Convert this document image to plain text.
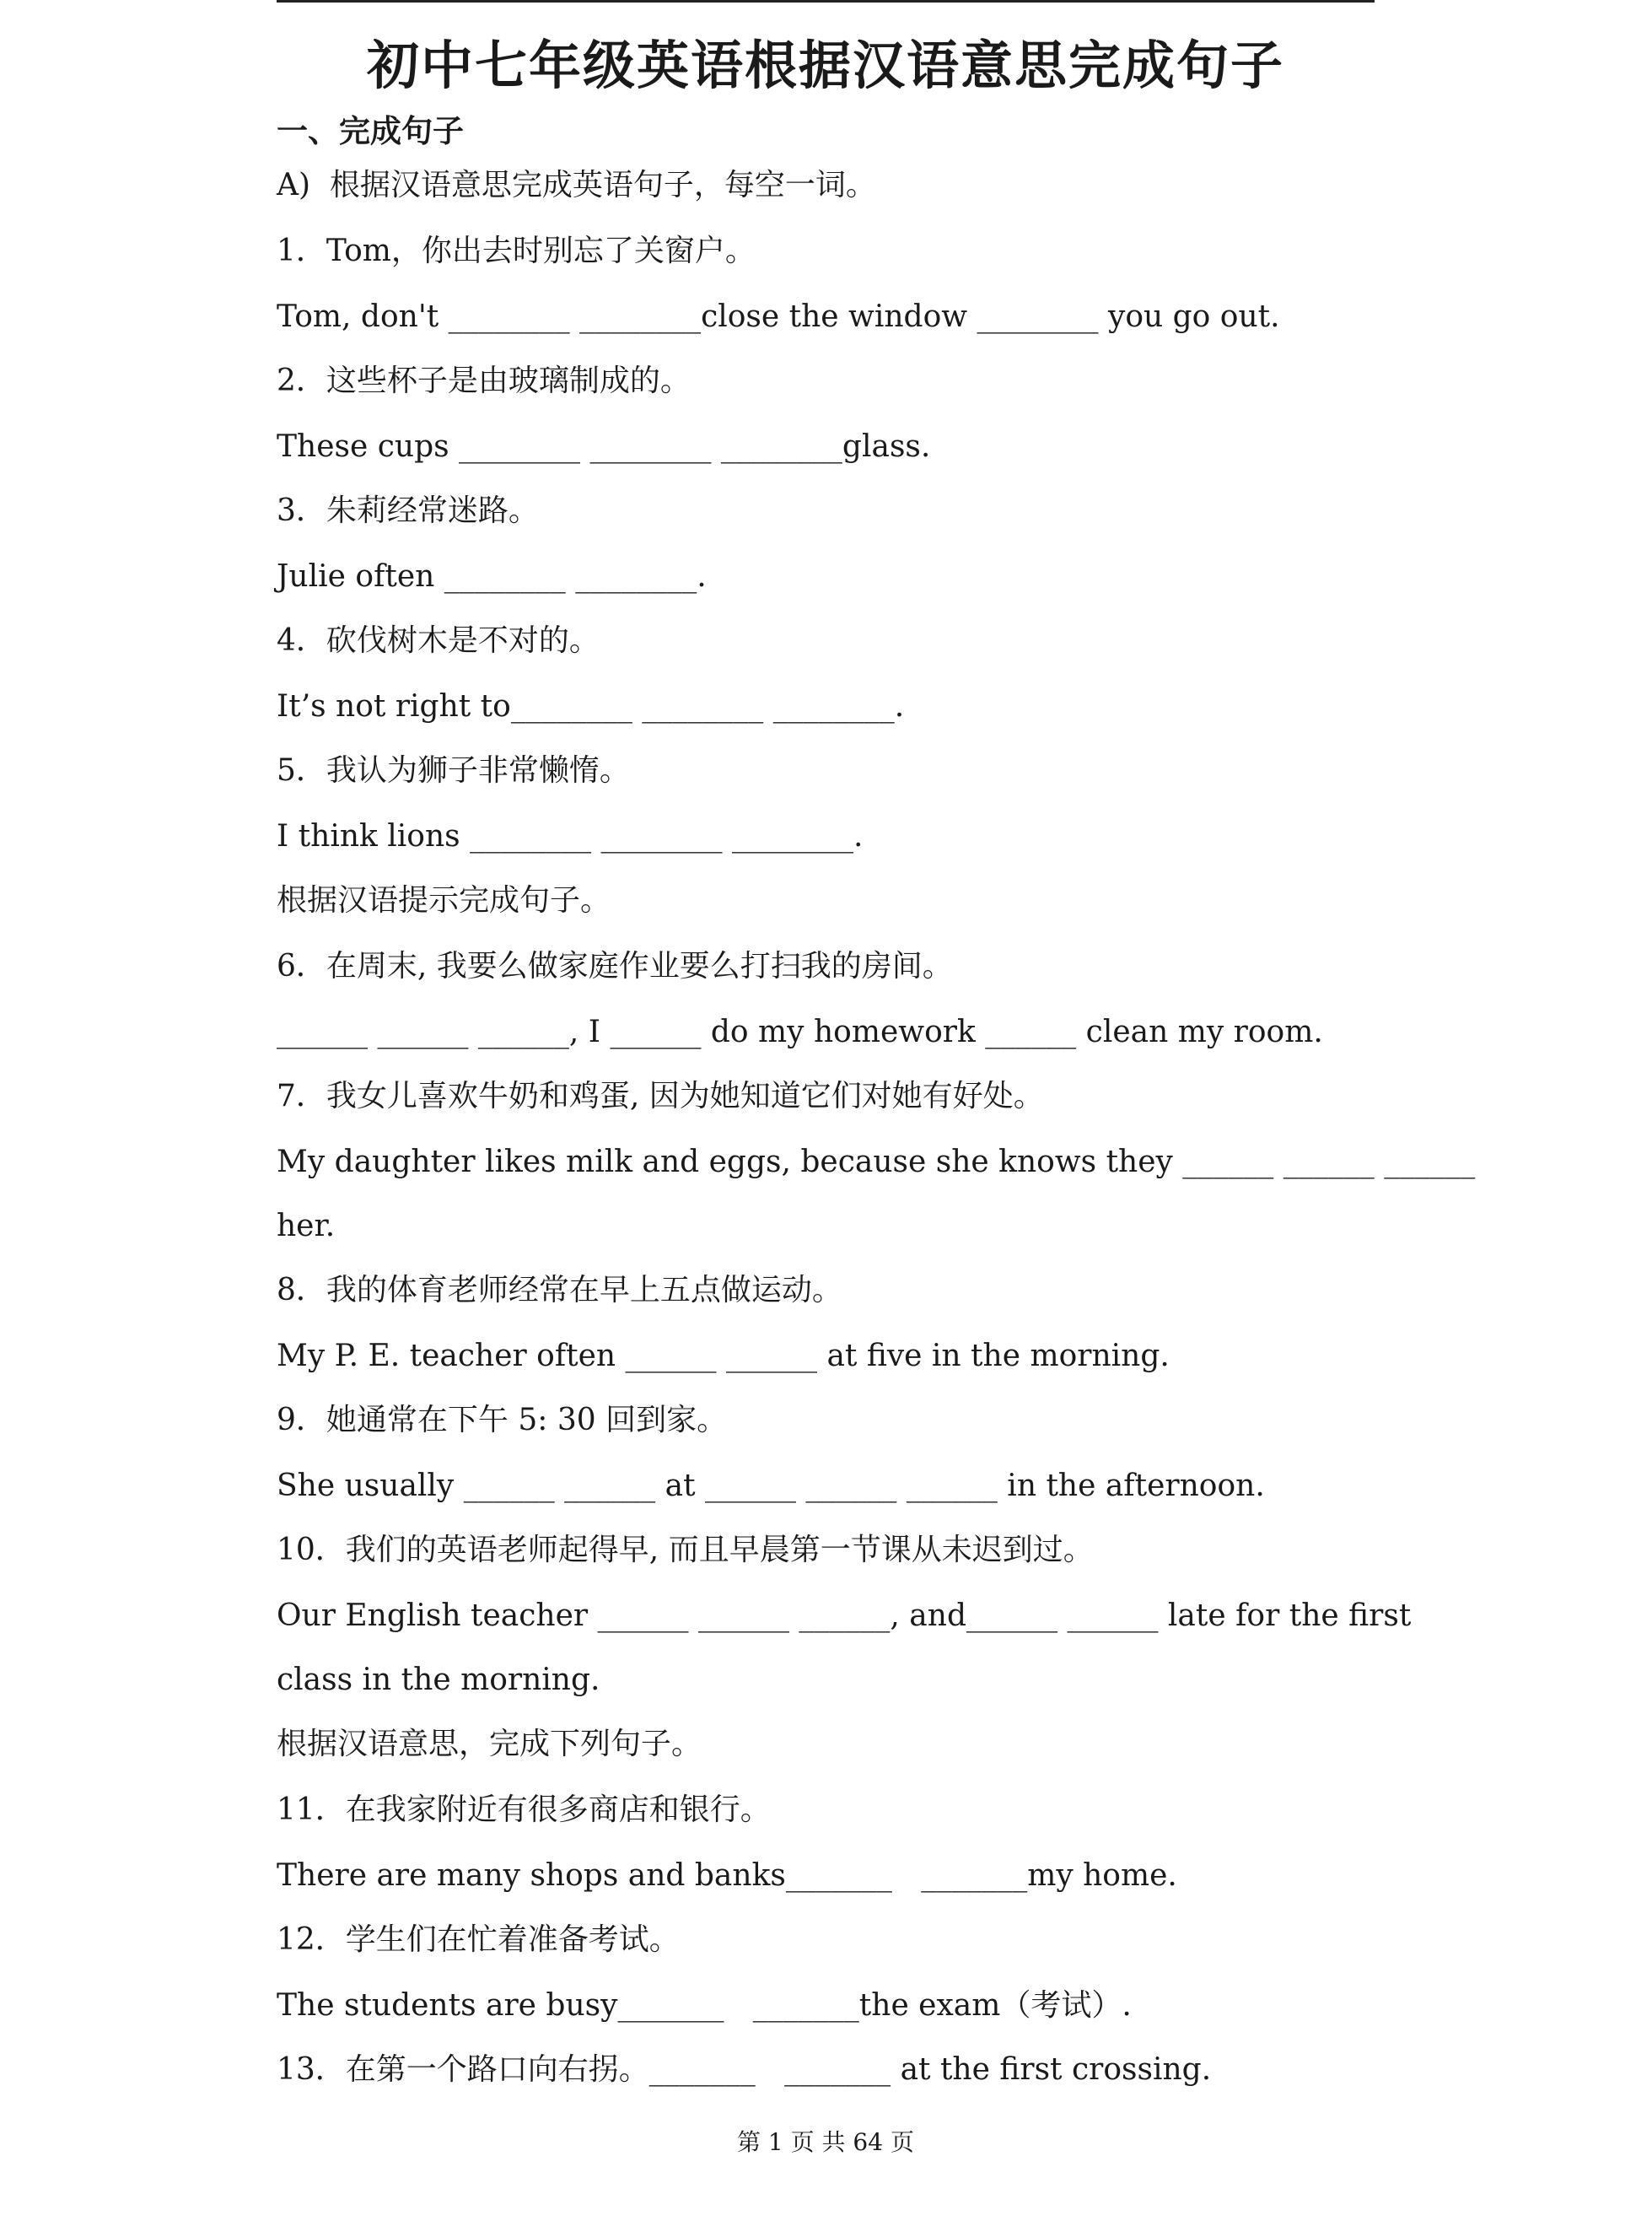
初中七年级英语根据汉语意思完成句子
一、完成句子
A)  根据汉语意思完成英语句子，每空一词。
1．Tom，你出去时别忘了关窗户。
Tom, don't ________ ________close the window ________ you go out.
2．这些杯子是由玻璃制成的。
These cups ________ ________ ________glass.
3．朱莉经常迷路。
Julie often ________ ________.
4．砍伐树木是不对的。
It’s not right to________ ________ ________.
5．我认为狮子非常懒惰。
I think lions ________ ________ ________.
根据汉语提示完成句子。
6．在周末, 我要么做家庭作业要么打扫我的房间。
______ ______ ______, I ______ do my homework ______ clean my room.
7．我女儿喜欢牛奶和鸡蛋, 因为她知道它们对她有好处。
My daughter likes milk and eggs, because she knows they ______ ______ ______
her.
8．我的体育老师经常在早上五点做运动。
My P. E. teacher often ______ ______ at five in the morning.
9．她通常在下午 5: 30 回到家。
She usually ______ ______ at ______ ______ ______ in the afternoon.
10．我们的英语老师起得早, 而且早晨第一节课从未迟到过。
Our English teacher ______ ______ ______, and______ ______ late for the first
class in the morning.
根据汉语意思，完成下列句子。
11．在我家附近有很多商店和银行。
There are many shops and banks_______   _______my home.
12．学生们在忙着准备考试。
The students are busy_______   _______the exam（考试）.
13．在第一个路口向右拐。_______   _______ at the first crossing.
第 1 页 共 64 页
